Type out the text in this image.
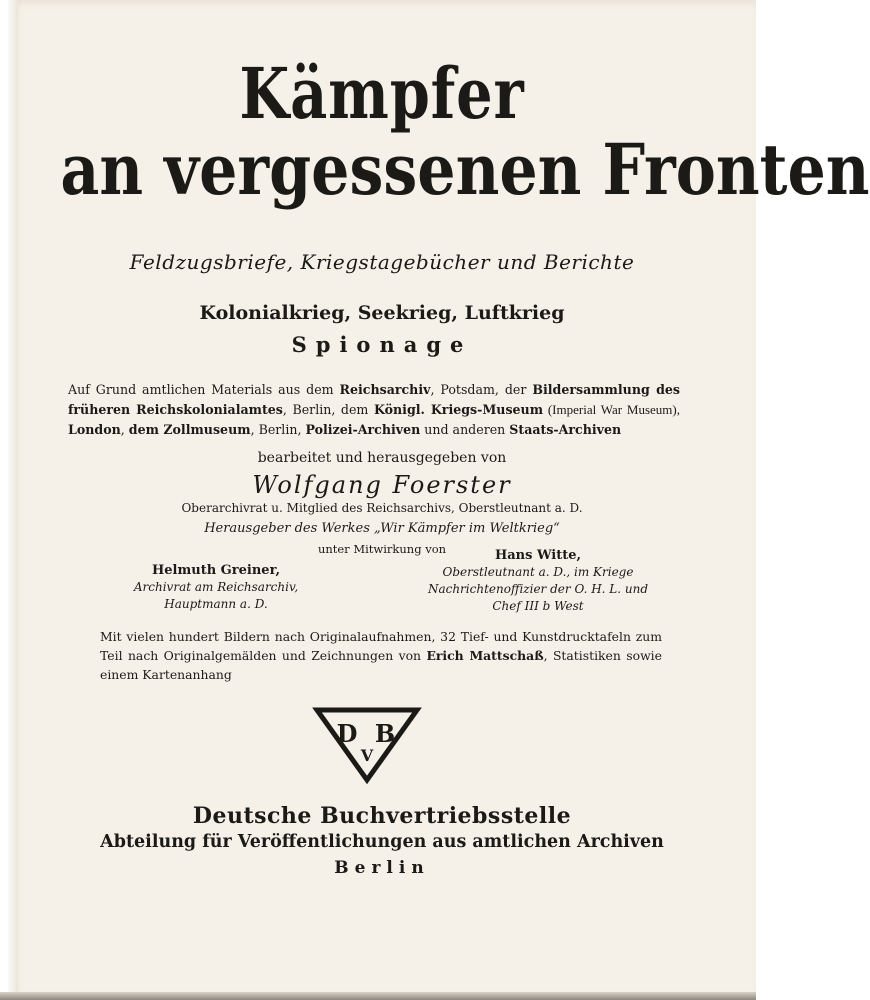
Kämpfer
an vergessenen Fronten
Feldzugsbriefe, Kriegstagebücher und Berichte
Kolonialkrieg, Seekrieg, Luftkrieg
Spionage
Auf Grund amtlichen Materials aus dem Reichsarchiv, Potsdam, der Bildersammlung des früheren Reichskolonialamtes, Berlin, dem Königl. Kriegs-Museum (Imperial War Museum), London, dem Zollmuseum, Berlin, Polizei-Archiven und anderen Staats-Archiven
bearbeitet und herausgegeben von
Wolfgang Foerster
Oberarchivrat u. Mitglied des Reichsarchivs, Oberstleutnant a. D.
Herausgeber des Werkes „Wir Kämpfer im Weltkrieg“
unter Mitwirkung von
Helmuth Greiner,
Archivrat am Reichsarchiv,
Hauptmann a. D.
Hans Witte,
Oberstleutnant a. D., im Kriege
Nachrichtenoffizier der O. H. L. und
Chef III b West
Mit vielen hundert Bildern nach Originalaufnahmen, 32 Tief- und Kunstdrucktafeln zum Teil nach Originalgemälden und Zeichnungen von Erich Mattschaß, Statistiken sowie einem Kartenanhang
D B
V
Deutsche Buchvertriebsstelle
Abteilung für Veröffentlichungen aus amtlichen Archiven
Berlin
